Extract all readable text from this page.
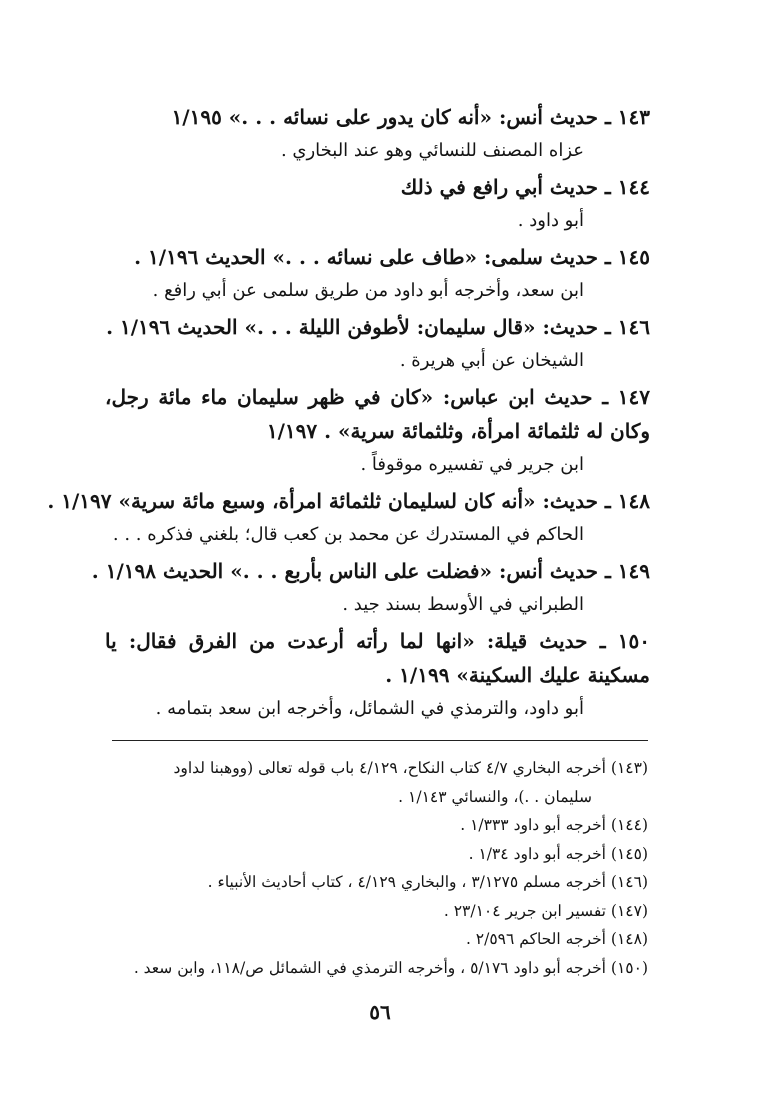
١٤٣ ـ حديث أنس: «أنه كان يدور على نسائه . . .» ١/١٩٥

عزاه المصنف للنسائي وهو عند البخاري .

١٤٤ ـ حديث أبي رافع في ذلك

أبو داود .

١٤٥ ـ حديث سلمى: «طاف على نسائه . . .» الحديث ١/١٩٦ .

ابن سعد، وأخرجه أبو داود من طريق سلمى عن أبي رافع .

١٤٦ ـ حديث: «قال سليمان: لأطوفن الليلة . . .» الحديث ١/١٩٦ .

الشيخان عن أبي هريرة .

١٤٧ ـ حديث ابن عباس: «كان في ظهر سليمان ماء مائة رجل، وكان له ثلثمائة امرأة، وثلثمائة سرية» . ١/١٩٧

ابن جرير في تفسيره موقوفاً .

١٤٨ ـ حديث: «أنه كان لسليمان ثلثمائة امرأة، وسبع مائة سرية» ١/١٩٧ .

الحاكم في المستدرك عن محمد بن كعب قال؛ بلغني فذكره . . .

١٤٩ ـ حديث أنس: «فضلت على الناس بأربع . . .» الحديث ١/١٩٨ .

الطبراني في الأوسط بسند جيد .

١٥٠ ـ حديث قيلة: «انها لما رأته أرعدت من الفرق فقال: يا مسكينة عليك السكينة» ١/١٩٩ .

أبو داود، والترمذي في الشمائل، وأخرجه ابن سعد بتمامه .

(١٤٣) أخرجه البخاري ٤/٧ كتاب النكاح، ٤/١٢٩ باب قوله تعالى (ووهبنا لداود
سليمان . .)، والنسائي ١/١٤٣ .

(١٤٤) أخرجه أبو داود ١/٣٣٣ .

(١٤٥) أخرجه أبو داود ١/٣٤ .

(١٤٦) أخرجه مسلم ٣/١٢٧٥ ، والبخاري ٤/١٢٩ ، كتاب أحاديث الأنبياء .

(١٤٧) تفسير ابن جرير ٢٣/١٠٤ .

(١٤٨) أخرجه الحاكم ٢/٥٩٦ .

(١٥٠) أخرجه أبو داود ٥/١٧٦ ، وأخرجه الترمذي في الشمائل ص/١١٨، وابن سعد .

٥٦
